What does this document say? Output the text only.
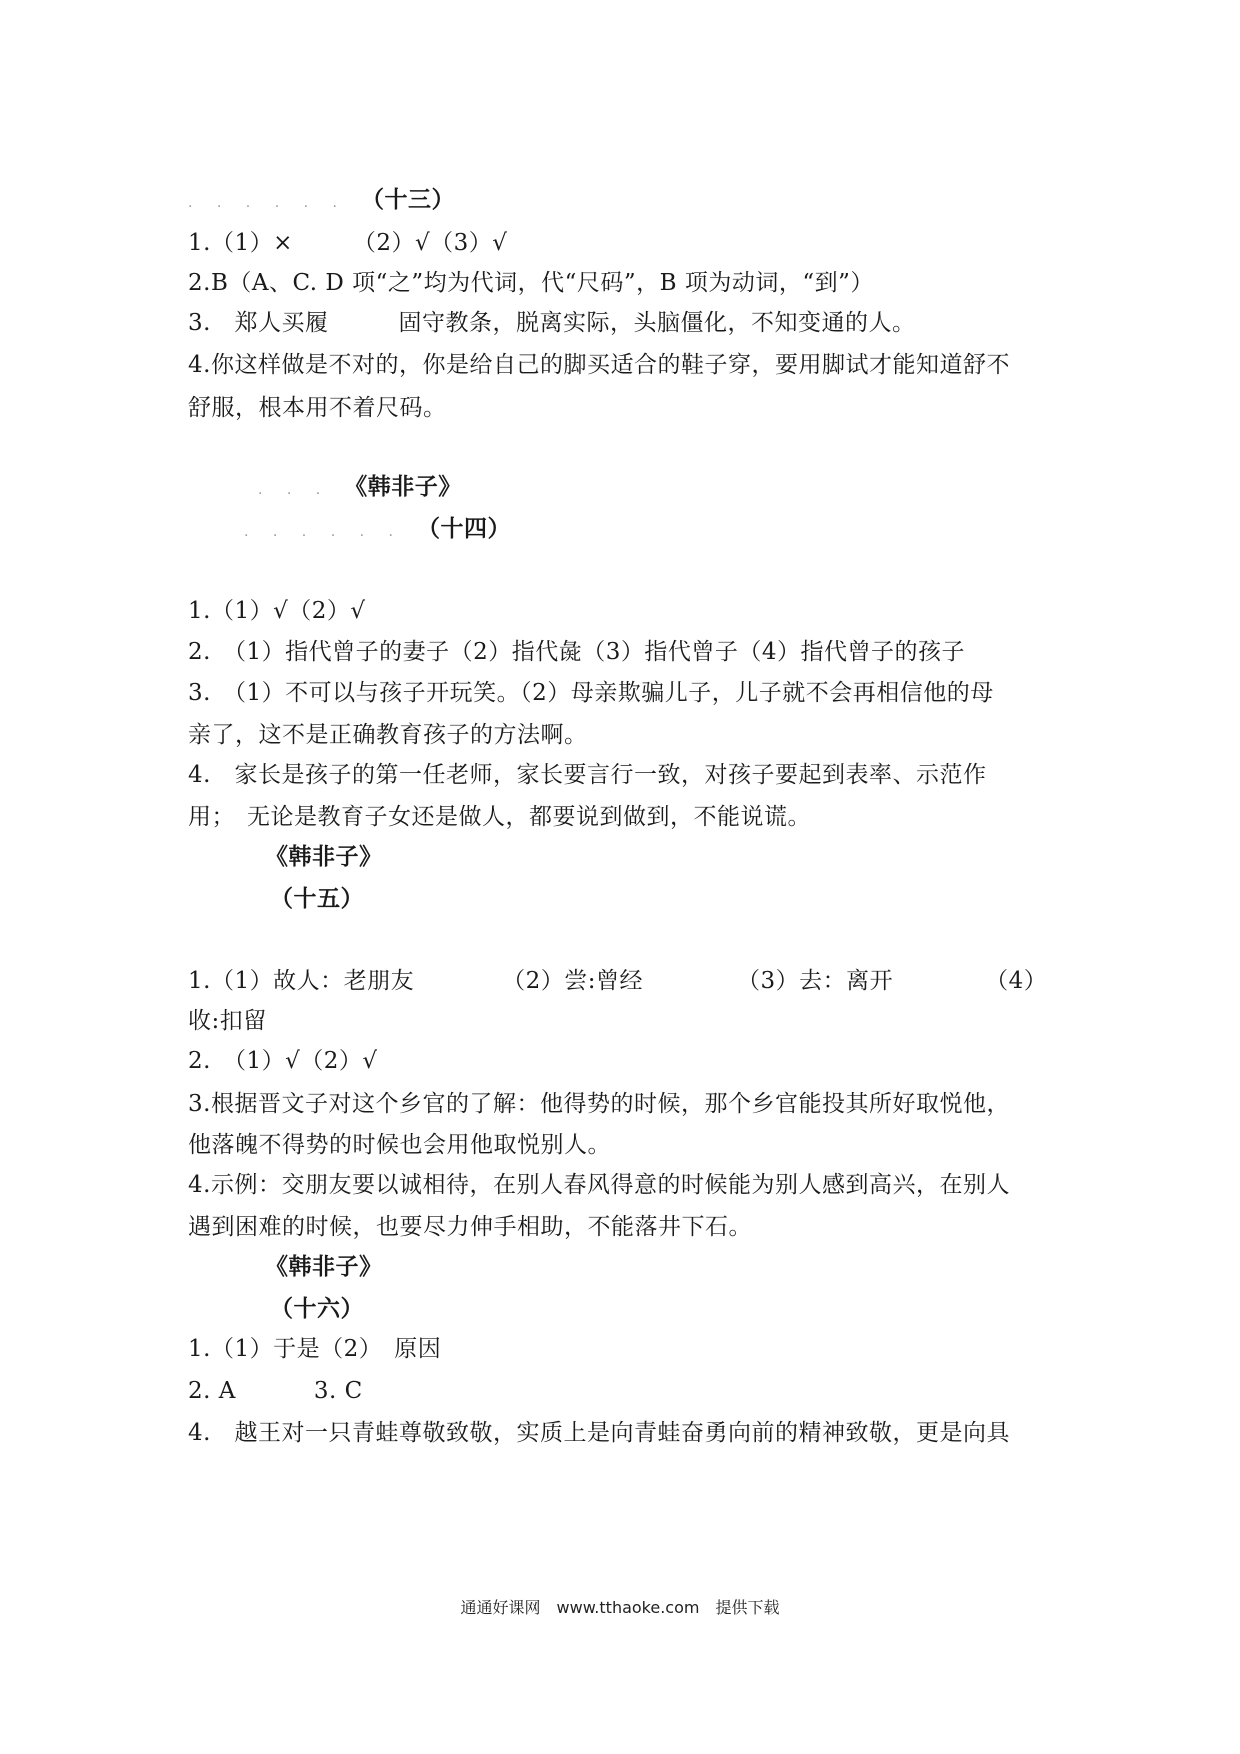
. . . . . . （十三）
1.（1）×	（2）√（3）√
2.B（A、C. D 项“之”均为代词，代“尺码”，B 项为动词，“到”）
3.　郑人买履	固守教条，脱离实际，头脑僵化，不知变通的人。
4.你这样做是不对的，你是给自己的脚买适合的鞋子穿，要用脚试才能知道舒不
舒服，根本用不着尺码。
. . . 《韩非子》
. . . . . . （十四）
1.（1）√（2）√
2.　（1）指代曾子的妻子（2）指代彘（3）指代曾子（4）指代曾子的孩子
3.　（1）不可以与孩子开玩笑。（2）母亲欺骗儿子，儿子就不会再相信他的母
亲了，这不是正确教育孩子的方法啊。
4.　家长是孩子的第一任老师，家长要言行一致，对孩子要起到表率、示范作
用；　无论是教育子女还是做人，都要说到做到，不能说谎。
《韩非子》
（十五）
1.（1）故人：老朋友	（2）尝:曾经	（3）去：离开	（4）
收:扣留
2.　（1）√（2）√
3.根据晋文子对这个乡官的了解：他得势的时候，那个乡官能投其所好取悦他，
他落魄不得势的时候也会用他取悦别人。
4.示例：交朋友要以诚相待，在别人春风得意的时候能为别人感到高兴，在别人
遇到困难的时候，也要尽力伸手相助，不能落井下石。
《韩非子》
（十六）
1.（1）于是（2）　原因
2. A	3. C
4.　越王对一只青蛙尊敬致敬，实质上是向青蛙奋勇向前的精神致敬，更是向具
通通好课网　www.tthaoke.com　提供下载
